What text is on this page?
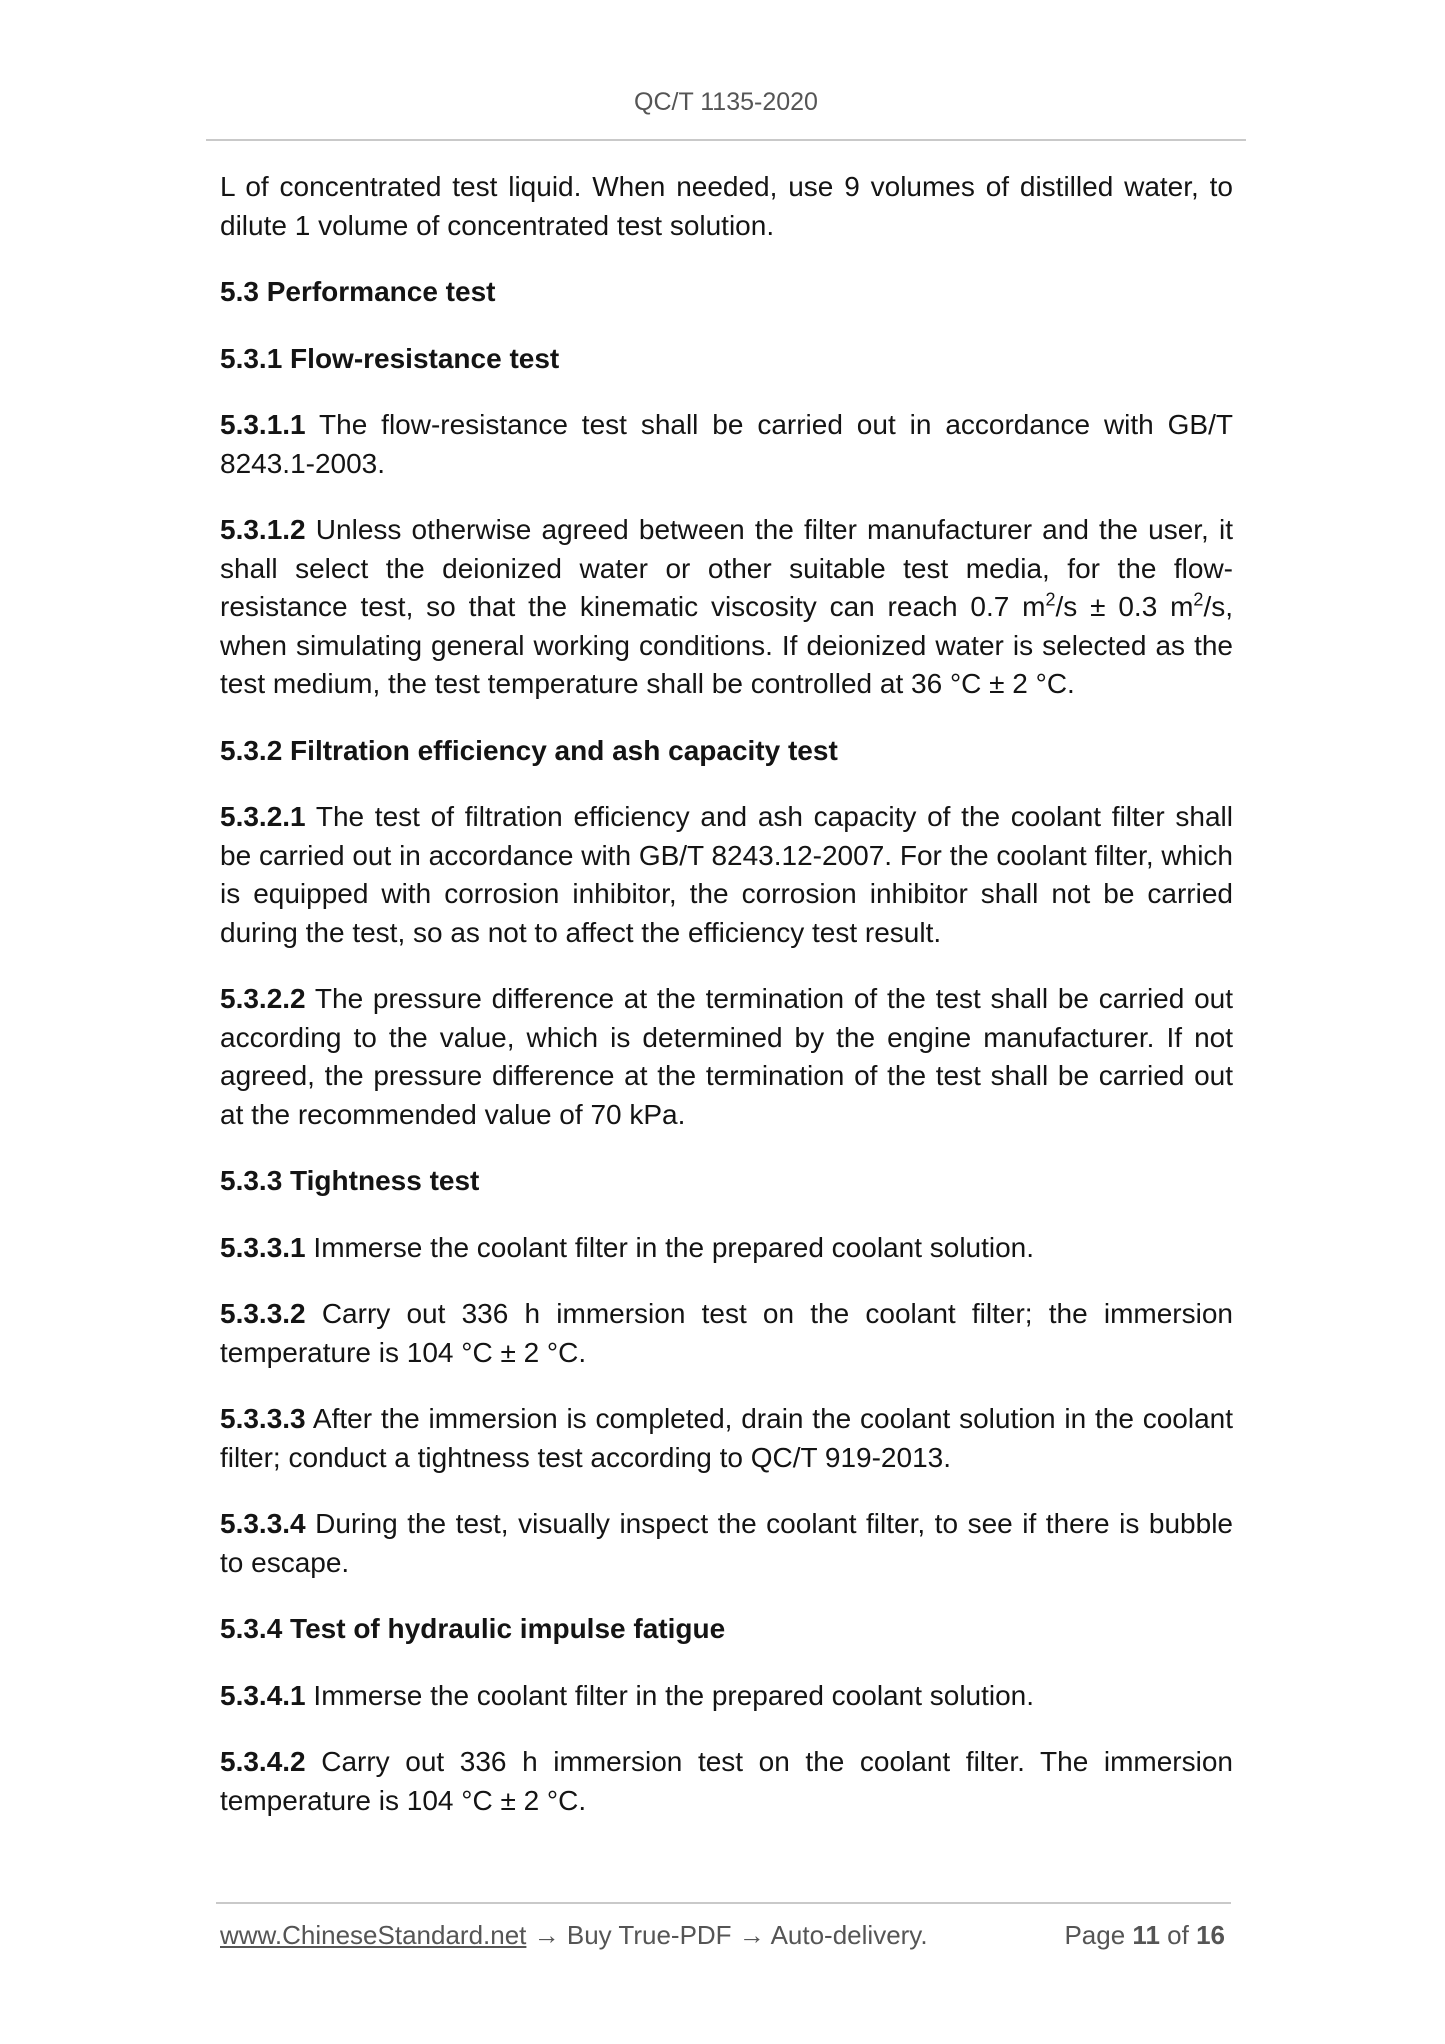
QC/T 1135-2020

L of concentrated test liquid. When needed, use 9 volumes of distilled water, to dilute 1 volume of concentrated test solution.

5.3 Performance test

5.3.1 Flow-resistance test

5.3.1.1 The flow-resistance test shall be carried out in accordance with GB/T 8243.1-2003.

5.3.1.2 Unless otherwise agreed between the filter manufacturer and the user, it shall select the deionized water or other suitable test media, for the flow-resistance test, so that the kinematic viscosity can reach 0.7 $m^2/s \pm 0.3$ $m^2/s$, when simulating general working conditions. If deionized water is selected as the test medium, the test temperature shall be controlled at 36 °C ± 2 °C.

5.3.2 Filtration efficiency and ash capacity test

5.3.2.1 The test of filtration efficiency and ash capacity of the coolant filter shall be carried out in accordance with GB/T 8243.12-2007. For the coolant filter, which is equipped with corrosion inhibitor, the corrosion inhibitor shall not be carried during the test, so as not to affect the efficiency test result.

5.3.2.2 The pressure difference at the termination of the test shall be carried out according to the value, which is determined by the engine manufacturer. If not agreed, the pressure difference at the termination of the test shall be carried out at the recommended value of 70 kPa.

5.3.3 Tightness test

5.3.3.1 Immerse the coolant filter in the prepared coolant solution.

5.3.3.2 Carry out 336 h immersion test on the coolant filter; the immersion temperature is 104 °C ± 2 °C.

5.3.3.3 After the immersion is completed, drain the coolant solution in the coolant filter; conduct a tightness test according to QC/T 919-2013.

5.3.3.4 During the test, visually inspect the coolant filter, to see if there is bubble to escape.

5.3.4 Test of hydraulic impulse fatigue

5.3.4.1 Immerse the coolant filter in the prepared coolant solution.

5.3.4.2 Carry out 336 h immersion test on the coolant filter. The immersion temperature is 104 °C ± 2 °C.

www.ChineseStandard.net → Buy True-PDF → Auto-delivery.	Page 11 of 16
